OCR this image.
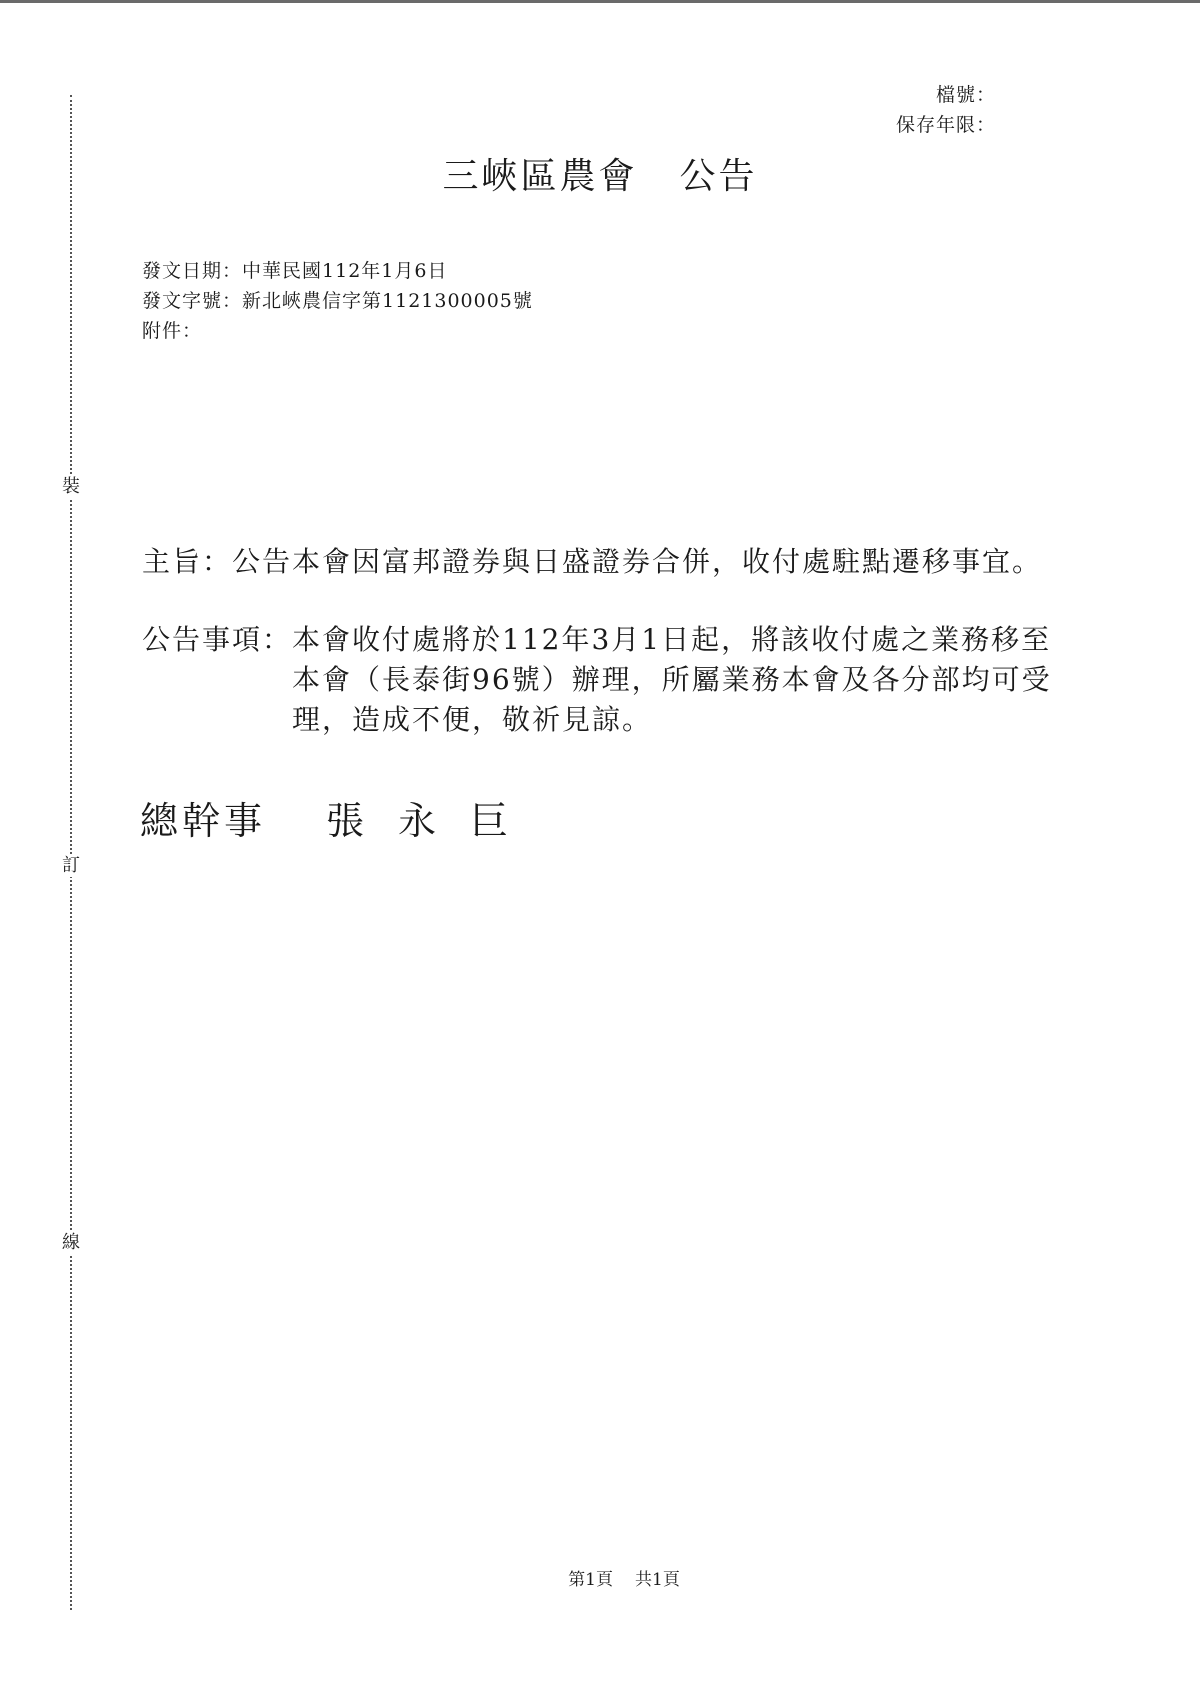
裝
訂
線
檔號：
保存年限：
三峽區農會 公告
發文日期：中華民國112年1月6日
發文字號：新北峽農信字第1121300005號
附件：
主旨： 公告本會因富邦證券與日盛證券合併，收付處駐點遷移事宜。
公告事項： 本會收付處將於112年3月1日起，將該收付處之業務移至本會（長泰街96號）辦理，所屬業務本會及各分部均可受理，造成不便，敬祈見諒。
總幹事 張 永 巨
第1頁 共1頁
